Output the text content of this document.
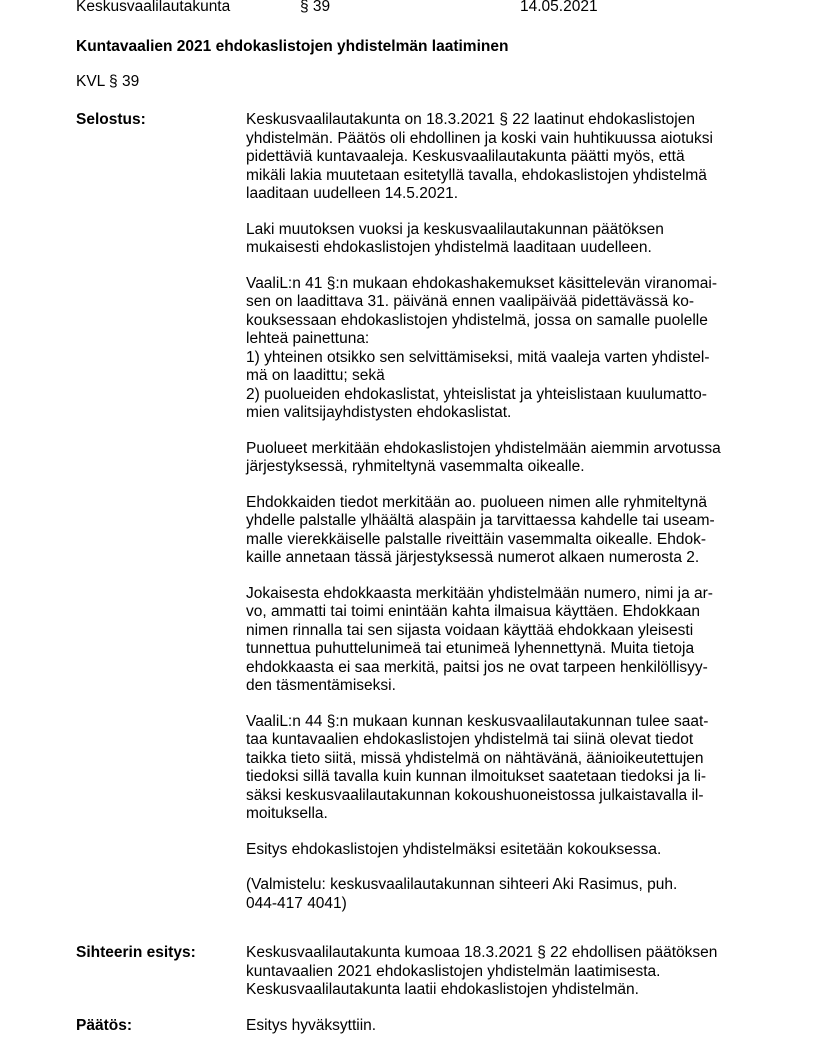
Keskusvaalilautakunta	§ 39	14.05.2021
Kuntavaalien 2021 ehdokaslistojen yhdistelmän laatiminen
KVL § 39
Selostus:	Keskusvaalilautakunta on 18.3.2021 § 22 laatinut ehdokaslistojen
yhdistelmän. Päätös oli ehdollinen ja koski vain huhtikuussa aiotuksi
pidettäviä kuntavaaleja. Keskusvaalilautakunta päätti myös, että
mikäli lakia muutetaan esitetyllä tavalla, ehdokaslistojen yhdistelmä
laaditaan uudelleen 14.5.2021.

Laki muutoksen vuoksi ja keskusvaalilautakunnan päätöksen
mukaisesti ehdokaslistojen yhdistelmä laaditaan uudelleen.

VaaliL:n 41 §:n mukaan ehdokashakemukset käsittelevän viranomai-
sen on laadittava 31. päivänä ennen vaalipäivää pidettävässä ko-
kouksessaan ehdokaslistojen yhdistelmä, jossa on samalle puolelle
lehteä painettuna:
1) yhteinen otsikko sen selvittämiseksi, mitä vaaleja varten yhdistel-
mä on laadittu; sekä
2) puolueiden ehdokaslistat, yhteislistat ja yhteislistaan kuulumatto-
mien valitsijayhdistysten ehdokaslistat.

Puolueet merkitään ehdokaslistojen yhdistelmään aiemmin arvotussa
järjestyksessä, ryhmiteltynä vasemmalta oikealle.

Ehdokkaiden tiedot merkitään ao. puolueen nimen alle ryhmiteltynä
yhdelle palstalle ylhäältä alaspäin ja tarvittaessa kahdelle tai useam-
malle vierekkäiselle palstalle riveittäin vasemmalta oikealle. Ehdok-
kaille annetaan tässä järjestyksessä numerot alkaen numerosta 2.

Jokaisesta ehdokkaasta merkitään yhdistelmään numero, nimi ja ar-
vo, ammatti tai toimi enintään kahta ilmaisua käyttäen. Ehdokkaan
nimen rinnalla tai sen sijasta voidaan käyttää ehdokkaan yleisesti
tunnettua puhuttelunimeä tai etunimeä lyhennettynä. Muita tietoja
ehdokkaasta ei saa merkitä, paitsi jos ne ovat tarpeen henkilöllisyy-
den täsmentämiseksi.

VaaliL:n 44 §:n mukaan kunnan keskusvaalilautakunnan tulee saat-
taa kuntavaalien ehdokaslistojen yhdistelmä tai siinä olevat tiedot
taikka tieto siitä, missä yhdistelmä on nähtävänä, äänioikeutettujen
tiedoksi sillä tavalla kuin kunnan ilmoitukset saatetaan tiedoksi ja li-
säksi keskusvaalilautakunnan kokoushuoneistossa julkaistavalla il-
moituksella.

Esitys ehdokaslistojen yhdistelmäksi esitetään kokouksessa.

(Valmistelu: keskusvaalilautakunnan sihteeri Aki Rasimus, puh.
044-417 4041)

Sihteerin esitys:	Keskusvaalilautakunta kumoaa 18.3.2021 § 22 ehdollisen päätöksen
kuntavaalien 2021 ehdokaslistojen yhdistelmän laatimisesta.
Keskusvaalilautakunta laatii ehdokaslistojen yhdistelmän.

Päätös:	Esitys hyväksyttiin.
